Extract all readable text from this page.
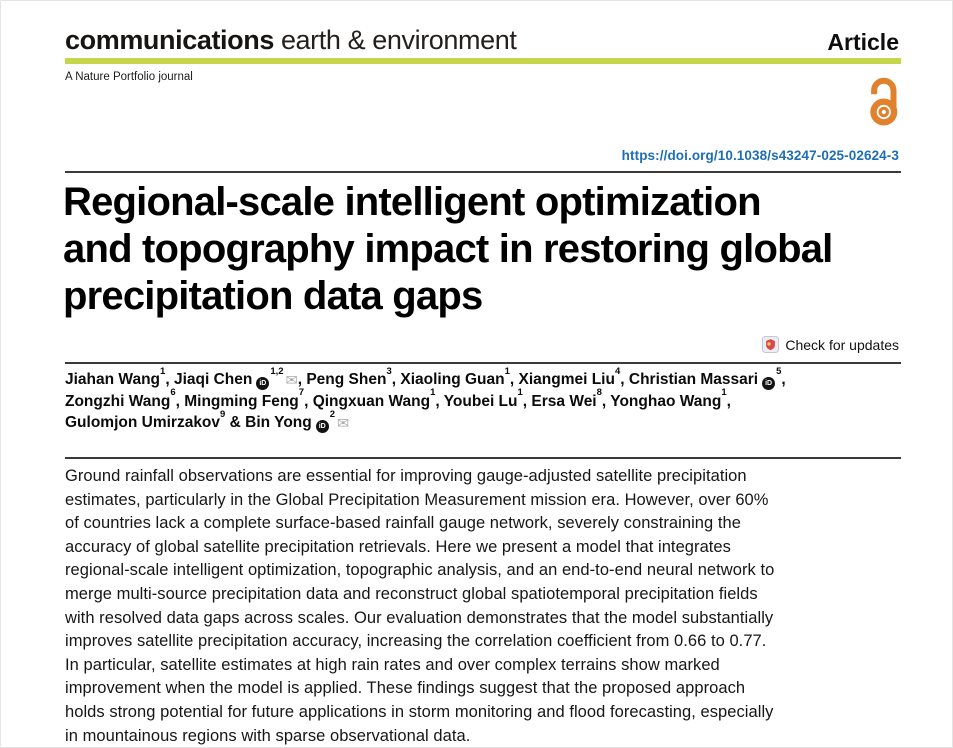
communications earth & environment	Article
A Nature Portfolio journal
https://doi.org/10.1038/s43247-025-02624-3
Regional-scale intelligent optimization
and topography impact in restoring global
precipitation data gaps
Check for updates
Jiahan Wang$^1$, Jiaqi Chen iD$^{1,2}$✉, Peng Shen$^3$, Xiaoling Guan$^1$, Xiangmei Liu$^4$, Christian Massari $iD^5$,
Zongzhi Wang$^6$, Mingming Feng$^7$, Qingxuan Wang$^1$, Youbei Lu$^1$, Ersa Wei$^8$, Yonghao Wang$^1$,
Gulomjon Umirzakov$^9$ & Bin Yong $iD^2✉$
Ground rainfall observations are essential for improving gauge-adjusted satellite precipitation estimates, particularly in the Global Precipitation Measurement mission era. However, over 60% of countries lack a complete surface-based rainfall gauge network, severely constraining the accuracy of global satellite precipitation retrievals. Here we present a model that integrates regional-scale intelligent optimization, topographic analysis, and an end-to-end neural network to merge multi-source precipitation data and reconstruct global spatiotemporal precipitation fields with resolved data gaps across scales. Our evaluation demonstrates that the model substantially improves satellite precipitation accuracy, increasing the correlation coefficient from 0.66 to 0.77. In particular, satellite estimates at high rain rates and over complex terrains show marked improvement when the model is applied. These findings suggest that the proposed approach holds strong potential for future applications in storm monitoring and flood forecasting, especially in mountainous regions with sparse observational data.
